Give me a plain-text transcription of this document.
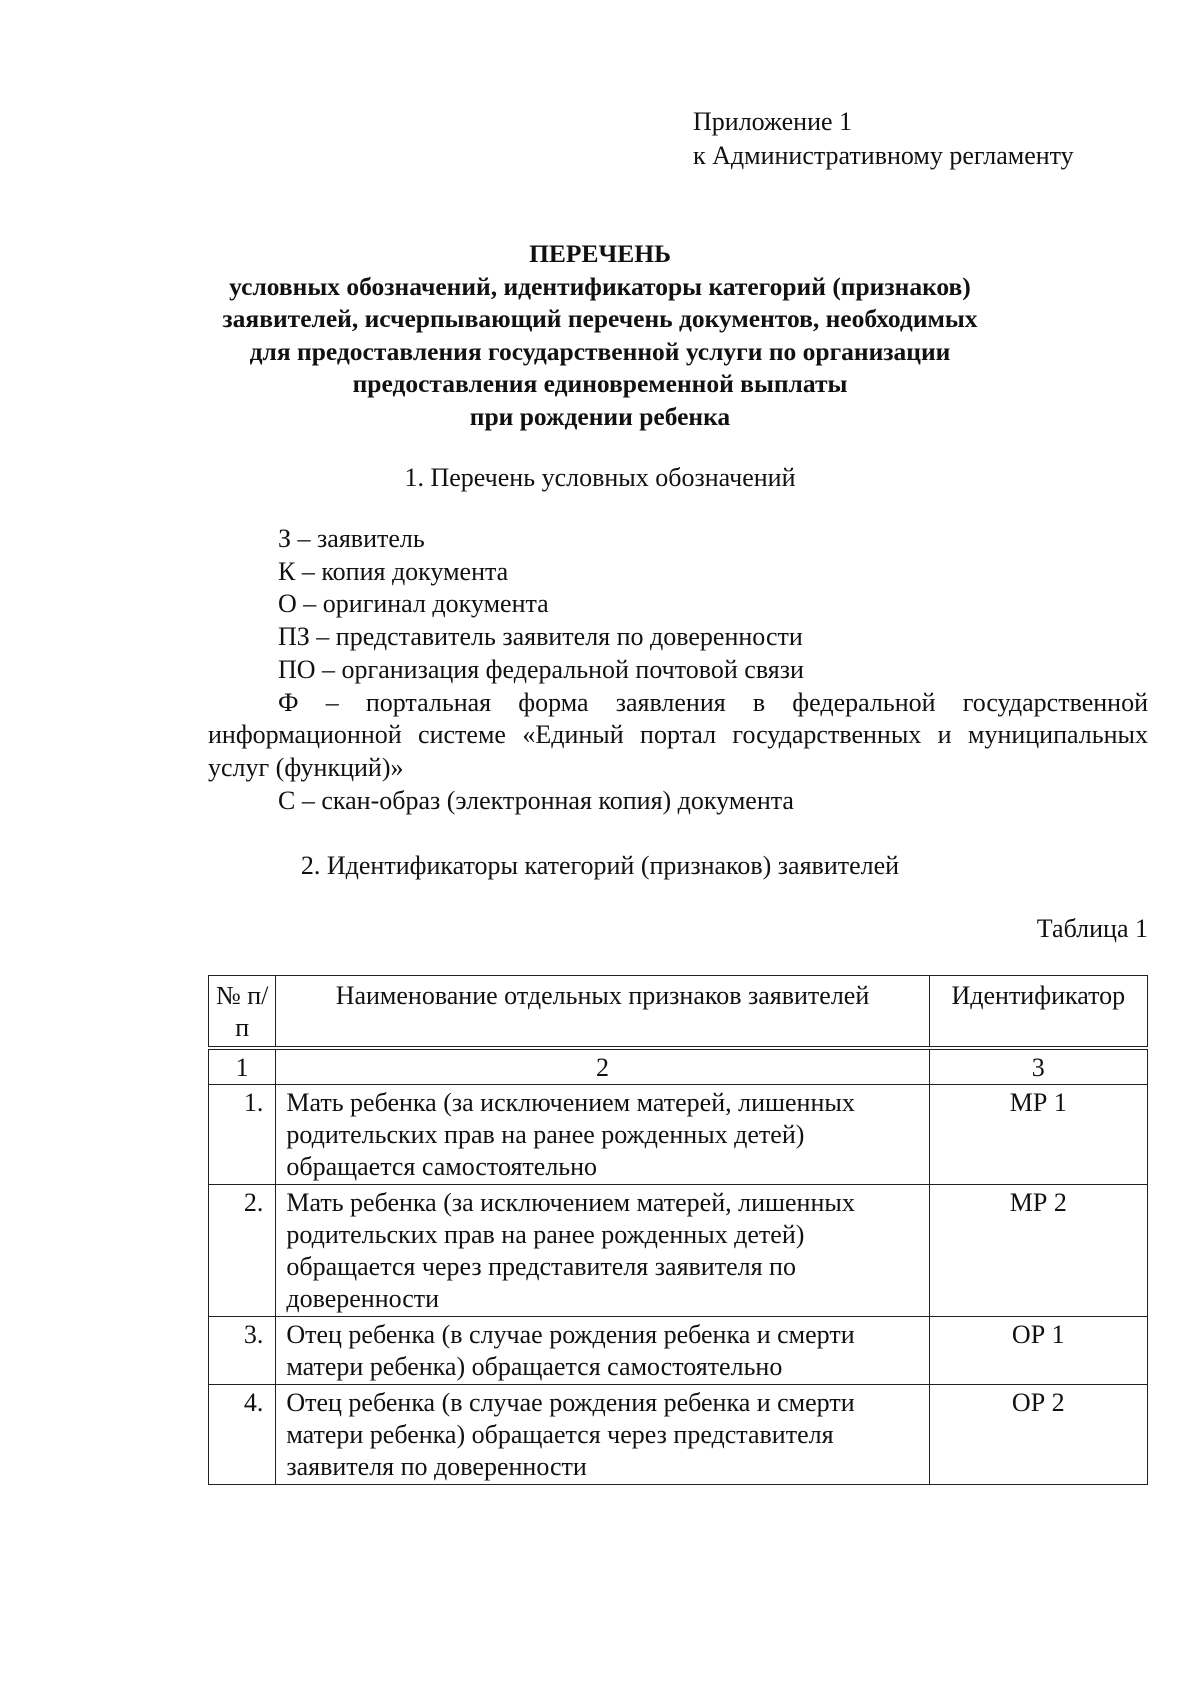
Приложение 1
к Административному регламенту
ПЕРЕЧЕНЬ
условных обозначений, идентификаторы категорий (признаков)
заявителей, исчерпывающий перечень документов, необходимых
для предоставления государственной услуги по организации
предоставления единовременной выплаты
при рождении ребенка
1. Перечень условных обозначений
З – заявитель
К – копия документа
О – оригинал документа
ПЗ – представитель заявителя по доверенности
ПО – организация федеральной почтовой связи
Ф – портальная форма заявления в федеральной государственной информационной системе «Единый портал государственных и муниципальных услуг (функций)»
С – скан-образ (электронная копия) документа
2. Идентификаторы категорий (признаков) заявителей
Таблица 1
№ п/п	Наименование отдельных признаков заявителей	Идентификатор
1	2	3
1.	Мать ребенка (за исключением матерей, лишенных родительских прав на ранее рожденных детей) обращается самостоятельно	МР 1
2.	Мать ребенка (за исключением матерей, лишенных родительских прав на ранее рожденных детей) обращается через представителя заявителя по доверенности	МР 2
3.	Отец ребенка (в случае рождения ребенка и смерти матери ребенка) обращается самостоятельно	ОР 1
4.	Отец ребенка (в случае рождения ребенка и смерти матери ребенка) обращается через представителя заявителя по доверенности	ОР 2
